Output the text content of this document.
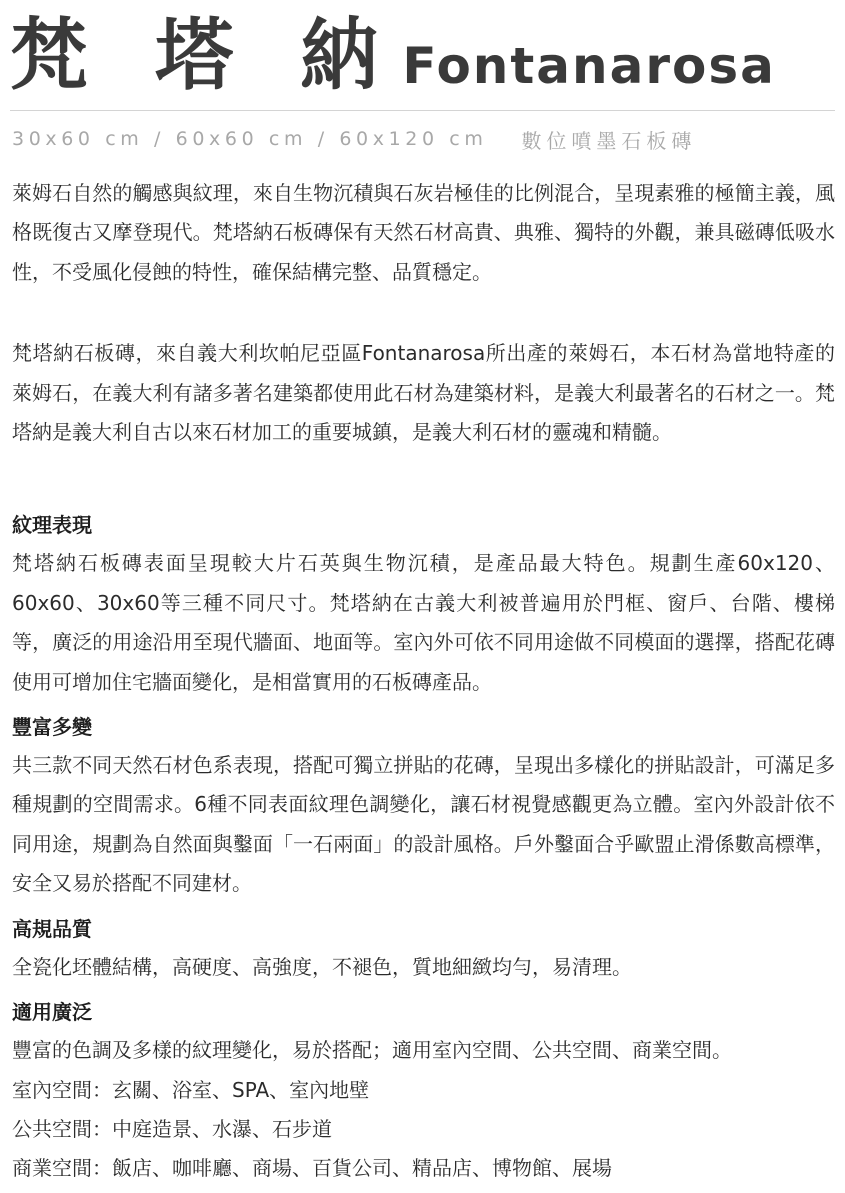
梵 塔 納 Fontanarosa
30x60 cm / 60x60 cm / 60x120 cm 數位噴墨石板磚

萊姆石自然的觸感與紋理，來自生物沉積與石灰岩極佳的比例混合，呈現素雅的極簡主義，風格既復古又摩登現代。梵塔納石板磚保有天然石材高貴、典雅、獨特的外觀，兼具磁磚低吸水性，不受風化侵蝕的特性，確保結構完整、品質穩定。

梵塔納石板磚，來自義大利坎帕尼亞區Fontanarosa所出產的萊姆石，本石材為當地特產的萊姆石，在義大利有諸多著名建築都使用此石材為建築材料，是義大利最著名的石材之一。梵塔納是義大利自古以來石材加工的重要城鎮，是義大利石材的靈魂和精髓。

紋理表現

梵塔納石板磚表面呈現較大片石英與生物沉積，是產品最大特色。規劃生產60x120、60x60、30x60等三種不同尺寸。梵塔納在古義大利被普遍用於門框、窗戶、台階、樓梯等，廣泛的用途沿用至現代牆面、地面等。室內外可依不同用途做不同模面的選擇，搭配花磚使用可增加住宅牆面變化，是相當實用的石板磚產品。

豐富多變

共三款不同天然石材色系表現，搭配可獨立拼貼的花磚，呈現出多樣化的拼貼設計，可滿足多種規劃的空間需求。6種不同表面紋理色調變化，讓石材視覺感觀更為立體。室內外設計依不同用途，規劃為自然面與鑿面「一石兩面」的設計風格。戶外鑿面合乎歐盟止滑係數高標準，安全又易於搭配不同建材。

高規品質

全瓷化坯體結構，高硬度、高強度，不褪色，質地細緻均勻，易清理。

適用廣泛

豐富的色調及多樣的紋理變化，易於搭配；適用室內空間、公共空間、商業空間。

室內空間：玄關、浴室、SPA、室內地壁

公共空間：中庭造景、水瀑、石步道

商業空間：飯店、咖啡廳、商場、百貨公司、精品店、博物館、展場
